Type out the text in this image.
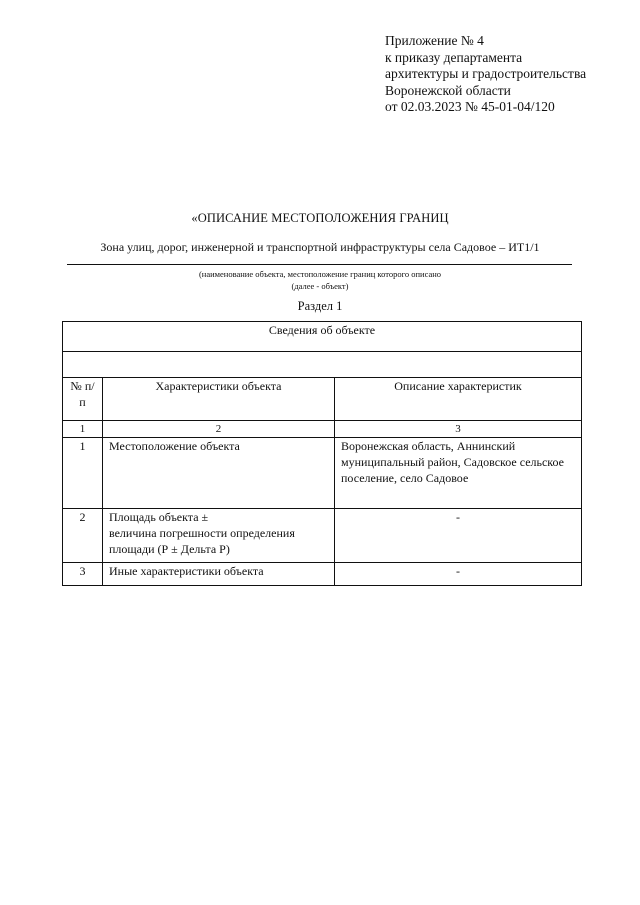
Приложение № 4
к приказу департамента
архитектуры и градостроительства
Воронежской области
от 02.03.2023 № 45-01-04/120
«ОПИСАНИЕ МЕСТОПОЛОЖЕНИЯ ГРАНИЦ
Зона улиц, дорог, инженерной и транспортной инфраструктуры села Садовое – ИТ1/1
(наименование объекта, местоположение границ которого описано
(далее - объект)
Раздел 1
Сведения об объекте		

№ п/п	Характеристики объекта	Описание характеристик
1	2	3
1	Местоположение объекта	Воронежская область, Аннинский муниципальный район, Садовское сельское поселение, село Садовое
2	Площадь объекта ±
величина погрешности определения
площади (Р ± Дельта Р)	-
3	Иные характеристики объекта	-
